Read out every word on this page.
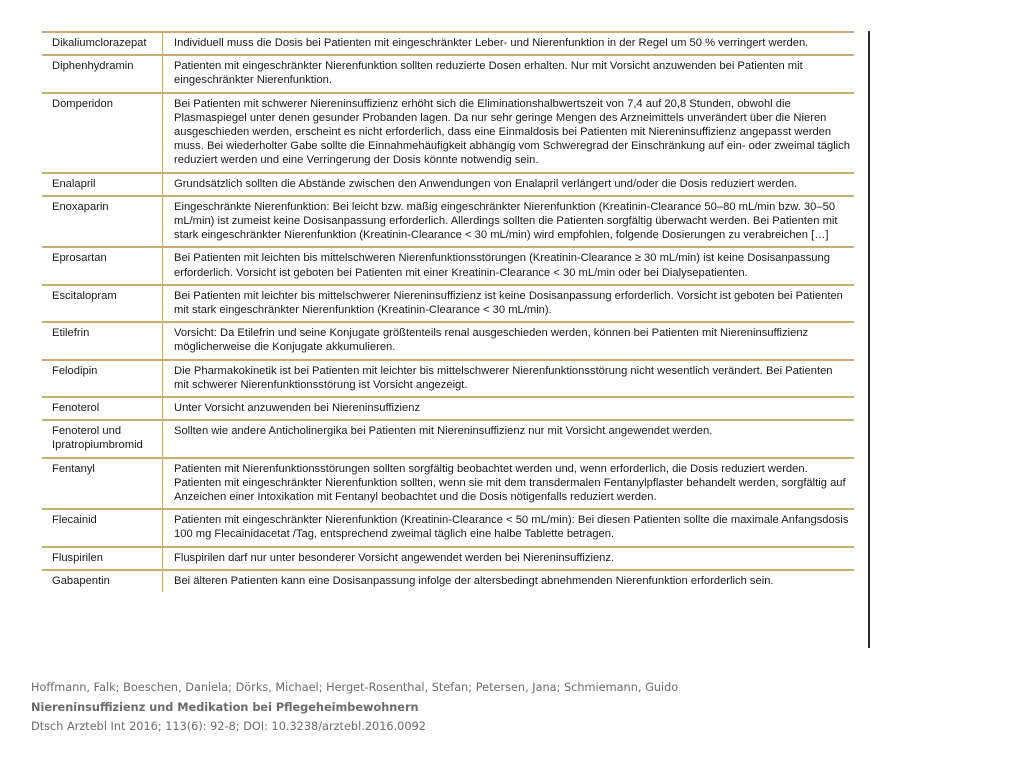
Dikaliumclorazepat	Individuell muss die Dosis bei Patienten mit eingeschränkter Leber- und Nierenfunktion in der Regel um 50 % verringert werden.
Diphenhydramin	Patienten mit eingeschränkter Nierenfunktion sollten reduzierte Dosen erhalten. Nur mit Vorsicht anzuwenden bei Patienten mit eingeschränkter Nierenfunktion.
Domperidon	Bei Patienten mit schwerer Niereninsuffizienz erhöht sich die Eliminationshalbwertszeit von 7,4 auf 20,8 Stunden, obwohl die Plasmaspiegel unter denen gesunder Probanden lagen. Da nur sehr geringe Mengen des Arzneimittels unverändert über die Nieren ausgeschieden werden, erscheint es nicht erforderlich, dass eine Einmaldosis bei Patienten mit Niereninsuffizienz angepasst werden muss. Bei wiederholter Gabe sollte die Einnahmehäufigkeit abhängig vom Schweregrad der Einschränkung auf ein- oder zweimal täglich reduziert werden und eine Verringerung der Dosis könnte notwendig sein.
Enalapril	Grundsätzlich sollten die Abstände zwischen den Anwendungen von Enalapril verlängert und/oder die Dosis reduziert werden.
Enoxaparin	Eingeschränkte Nierenfunktion: Bei leicht bzw. mäßig eingeschränkter Nierenfunktion (Kreatinin-Clearance 50–80 mL/min bzw. 30–50 mL/min) ist zumeist keine Dosisanpassung erforderlich. Allerdings sollten die Patienten sorgfältig überwacht werden. Bei Patienten mit stark eingeschränkter Nierenfunktion (Kreatinin-Clearance < 30 mL/min) wird empfohlen, folgende Dosierungen zu verabreichen […]
Eprosartan	Bei Patienten mit leichten bis mittelschweren Nierenfunktionsstörungen (Kreatinin-Clearance ≥ 30 mL/min) ist keine Dosisanpassung erforderlich. Vorsicht ist geboten bei Patienten mit einer Kreatinin-Clearance < 30 mL/min oder bei Dialysepatienten.
Escitalopram	Bei Patienten mit leichter bis mittelschwerer Niereninsuffizienz ist keine Dosisanpassung erforderlich. Vorsicht ist geboten bei Patienten mit stark eingeschränkter Nierenfunktion (Kreatinin-Clearance < 30 mL/min).
Etilefrin	Vorsicht: Da Etilefrin und seine Konjugate größtenteils renal ausgeschieden werden, können bei Patienten mit Niereninsuffizienz möglicherweise die Konjugate akkumulieren.
Felodipin	Die Pharmakokinetik ist bei Patienten mit leichter bis mittelschwerer Nierenfunktionsstörung nicht wesentlich verändert. Bei Patienten mit schwerer Nierenfunktionsstörung ist Vorsicht angezeigt.
Fenoterol	Unter Vorsicht anzuwenden bei Niereninsuffizienz
Fenoterol und Ipratropiumbromid	Sollten wie andere Anticholinergika bei Patienten mit Niereninsuffizienz nur mit Vorsicht angewendet werden.
Fentanyl	Patienten mit Nierenfunktionsstörungen sollten sorgfältig beobachtet werden und, wenn erforderlich, die Dosis reduziert werden. Patienten mit eingeschränkter Nierenfunktion sollten, wenn sie mit dem transdermalen Fentanylpflaster behandelt werden, sorgfältig auf Anzeichen einer Intoxikation mit Fentanyl beobachtet und die Dosis nötigenfalls reduziert werden.
Flecainid	Patienten mit eingeschränkter Nierenfunktion (Kreatinin-Clearance < 50 mL/min): Bei diesen Patienten sollte die maximale Anfangsdosis 100 mg Flecainidacetat /Tag, entsprechend zweimal täglich eine halbe Tablette betragen.
Fluspirilen	Fluspirilen darf nur unter besonderer Vorsicht angewendet werden bei Niereninsuffizienz.
Gabapentin	Bei älteren Patienten kann eine Dosisanpassung infolge der altersbedingt abnehmenden Nierenfunktion erforderlich sein.
Hoffmann, Falk; Boeschen, Daniela; Dörks, Michael; Herget-Rosenthal, Stefan; Petersen, Jana; Schmiemann, Guido
Niereninsuffizienz und Medikation bei Pflegeheimbewohnern
Dtsch Arztebl Int 2016; 113(6): 92-8; DOI: 10.3238/arztebl.2016.0092
